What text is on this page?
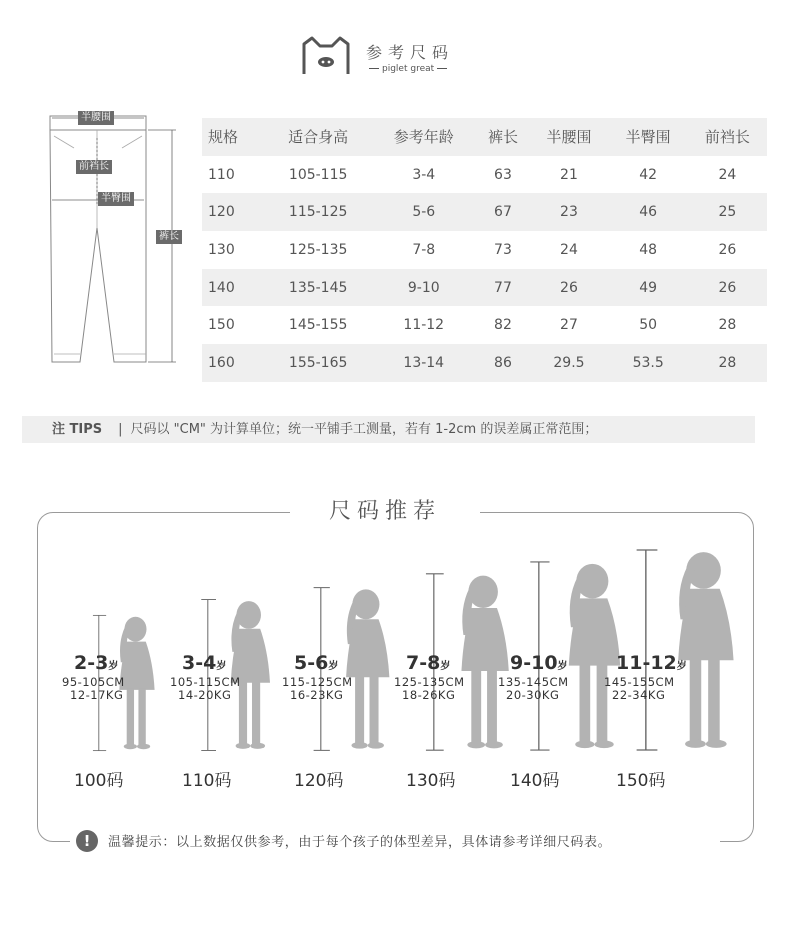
参考尺码
piglet great
半腰围
前裆长
半臀围
裤长
规格	适合身高	参考年龄	裤长	半腰围	半臀围	前裆长
110	105-115	3-4	63	21	42	24
120	115-125	5-6	67	23	46	25
130	125-135	7-8	73	24	48	26
140	135-145	9-10	77	26	49	26
150	145-155	11-12	82	27	50	28
160	155-165	13-14	86	29.5	53.5	28
注 TIPS | 尺码以 "CM" 为计算单位；统一平铺手工测量，若有 1-2cm 的误差属正常范围；
尺码推荐
2-3岁
95-105CM
12-17KG
100码
3-4岁
105-115CM
14-20KG
110码
5-6岁
115-125CM
16-23KG
120码
7-8岁
125-135CM
18-26KG
130码
9-10岁
135-145CM
20-30KG
140码
11-12岁
145-155CM
22-34KG
150码
!	温馨提示：以上数据仅供参考，由于每个孩子的体型差异，具体请参考详细尺码表。
